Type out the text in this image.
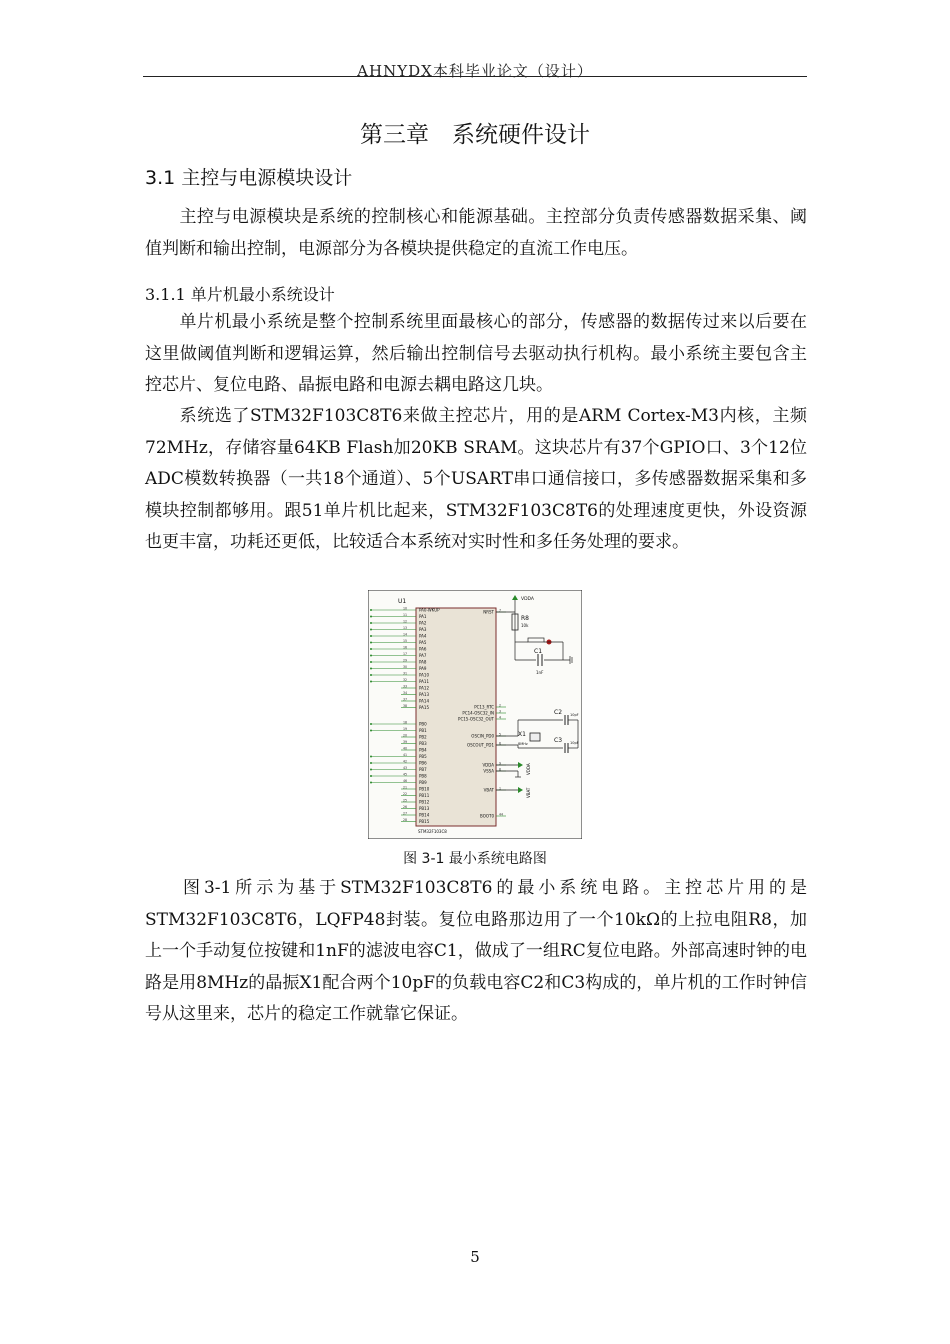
AHNYDX本科毕业论文（设计）
第三章　系统硬件设计
3.1 主控与电源模块设计

主控与电源模块是系统的控制核心和能源基础。主控部分负责传感器数据采集、阈值判断和输出控制，电源部分为各模块提供稳定的直流工作电压。

3.1.1 单片机最小系统设计

单片机最小系统是整个控制系统里面最核心的部分，传感器的数据传过来以后要在这里做阈值判断和逻辑运算，然后输出控制信号去驱动执行机构。最小系统主要包含主控芯片、复位电路、晶振电路和电源去耦电路这几块。

系统选了STM32F103C8T6来做主控芯片，用的是ARM Cortex-M3内核，主频72MHz，存储容量64KB Flash加20KB SRAM。这块芯片有37个GPIO口、3个12位ADC模数转换器（一共18个通道）、5个USART串口通信接口，多传感器数据采集和多模块控制都够用。跟51单片机比起来，STM32F103C8T6的处理速度更快，外设资源也更丰富，功耗还更低，比较适合本系统对实时性和多任务处理的要求。

U1
STM32F103C8
PA0-WKUP
10
PA1
11
PA2
12
PA3
13
PA4
14
PA5
15
PA6
16
PA7
17
PA8
29
PA9
30
PA10
31
PA11
32
PA12
33
PA13
34
PA14
37
PA15
38
PB0
18
PB1
19
PB2
20
PB3
39
PB4
40
PB5
41
PB6
42
PB7
43
PB8
45
PB9
46
PB10
21
PB11
22
PB12
25
PB13
26
PB14
27
PB15
28
NRST 7
PC13_RTC 2
PC14-OSC32_IN 3
PC15-OSC32_OUT 4
OSCIN_PD0 5
OSCOUT_PD1 6
VDDA 9
VSSA 8
VBAT 1
BOOT0 44
VDDA
R8
10k
C1
1nF
X1
8MHz
C2
C3
10pF
10pF
VDDA
VBAT
图 3-1 最小系统电路图

图3-1所示为基于STM32F103C8T6的最小系统电路。主控芯片用的是STM32F103C8T6，LQFP48封装。复位电路那边用了一个10kΩ的上拉电阻R8，加上一个手动复位按键和1nF的滤波电容C1，做成了一组RC复位电路。外部高速时钟的电路是用8MHz的晶振X1配合两个10pF的负载电容C2和C3构成的，单片机的工作时钟信号从这里来，芯片的稳定工作就靠它保证。

5
